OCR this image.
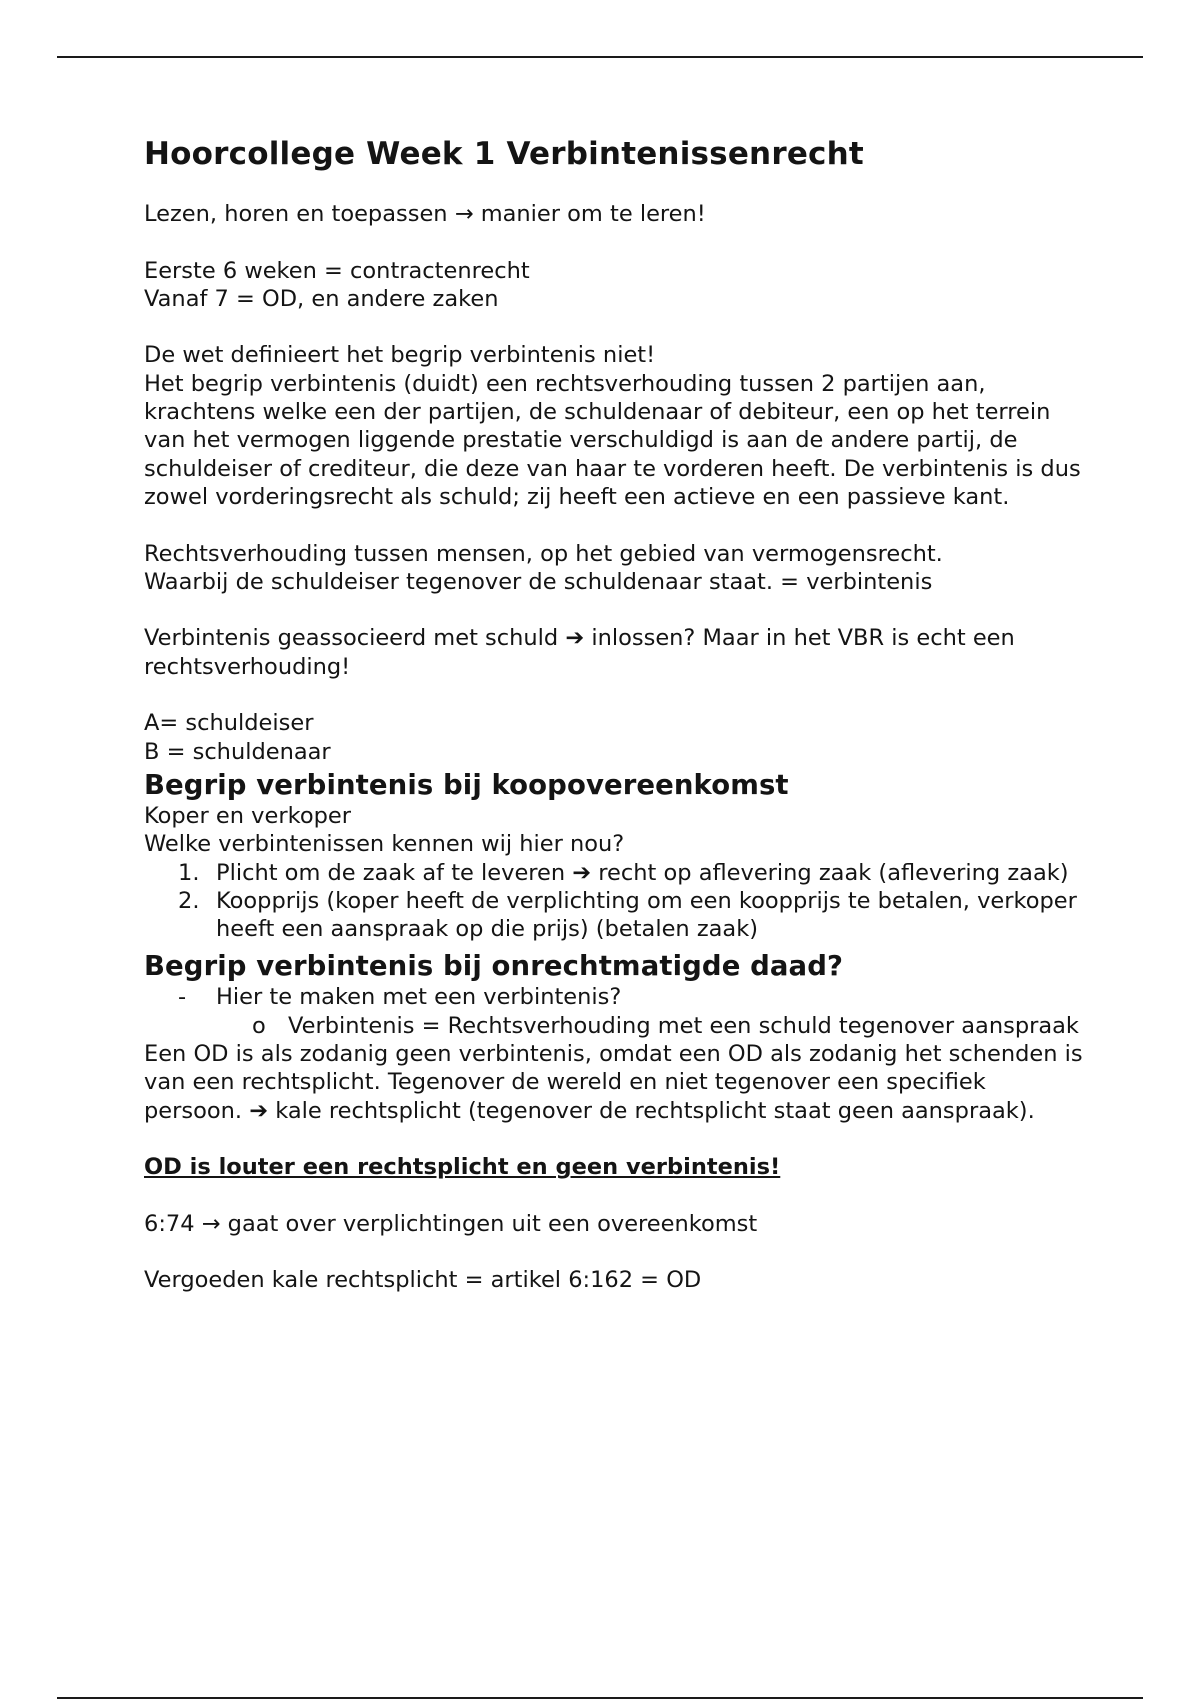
Hoorcollege Week 1 Verbintenissenrecht

Lezen, horen en toepassen → manier om te leren!

Eerste 6 weken = contractenrecht

Vanaf 7 = OD, en andere zaken

De wet definieert het begrip verbintenis niet!

Het begrip verbintenis (duidt) een rechtsverhouding tussen 2 partijen aan, krachtens welke een der partijen, de schuldenaar of debiteur, een op het terrein van het vermogen liggende prestatie verschuldigd is aan de andere partij, de schuldeiser of crediteur, die deze van haar te vorderen heeft. De verbintenis is dus zowel vorderingsrecht als schuld; zij heeft een actieve en een passieve kant.

Rechtsverhouding tussen mensen, op het gebied van vermogensrecht.

Waarbij de schuldeiser tegenover de schuldenaar staat. = verbintenis

Verbintenis geassocieerd met schuld ➔ inlossen? Maar in het VBR is echt een rechtsverhouding!

A= schuldeiser

B = schuldenaar

Begrip verbintenis bij koopovereenkomst

Koper en verkoper

Welke verbintenissen kennen wij hier nou?

1. Plicht om de zaak af te leveren ➔ recht op aflevering zaak (aflevering zaak)
2. Koopprijs (koper heeft de verplichting om een koopprijs te betalen, verkoper heeft een aanspraak op die prijs) (betalen zaak)
Begrip verbintenis bij onrechtmatigde daad?
- Hier te maken met een verbintenis?
o Verbintenis = Rechtsverhouding met een schuld tegenover aanspraak

Een OD is als zodanig geen verbintenis, omdat een OD als zodanig het schenden is van een rechtsplicht. Tegenover de wereld en niet tegenover een specifiek persoon. ➔ kale rechtsplicht (tegenover de rechtsplicht staat geen aanspraak).

OD is louter een rechtsplicht en geen verbintenis!

6:74 → gaat over verplichtingen uit een overeenkomst

Vergoeden kale rechtsplicht = artikel 6:162 = OD
